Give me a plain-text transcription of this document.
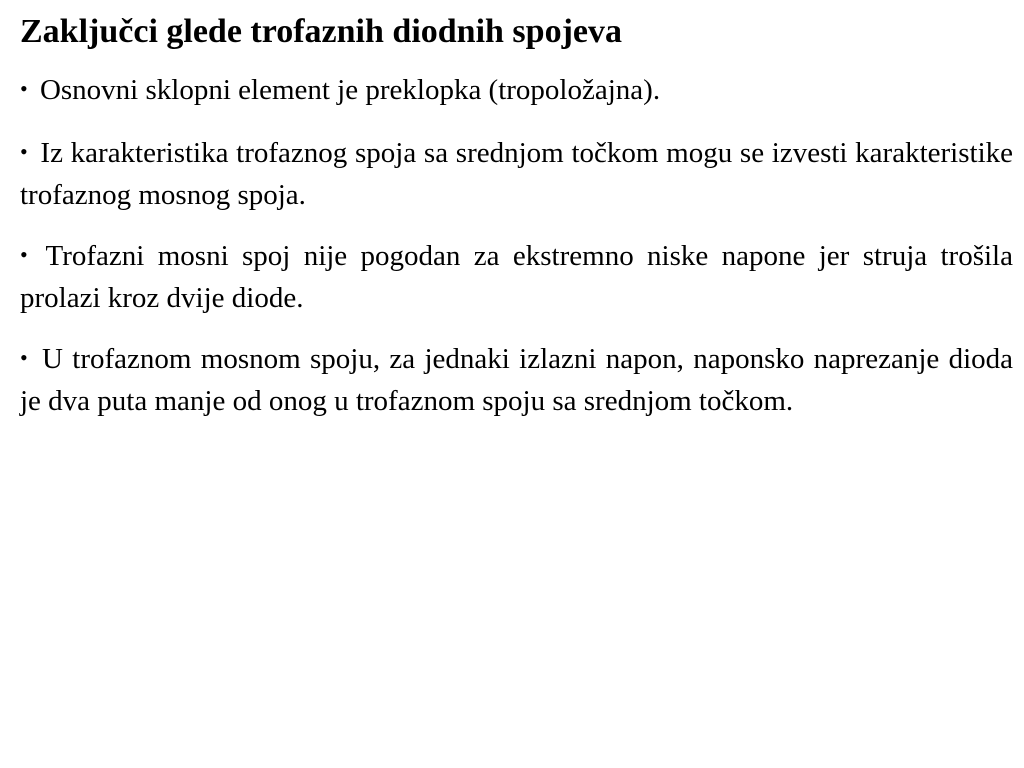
Zaključci glede trofaznih diodnih spojeva
• Osnovni sklopni element je preklopka (tropoložajna).
• Iz karakteristika trofaznog spoja sa srednjom točkom mogu se izvesti karakteristike trofaznog mosnog spoja.
• Trofazni mosni spoj nije pogodan za ekstremno niske napone jer struja trošila prolazi kroz dvije diode.
• U trofaznom mosnom spoju, za jednaki izlazni napon, naponsko naprezanje dioda je dva puta manje od onog u trofaznom spoju sa srednjom točkom.
